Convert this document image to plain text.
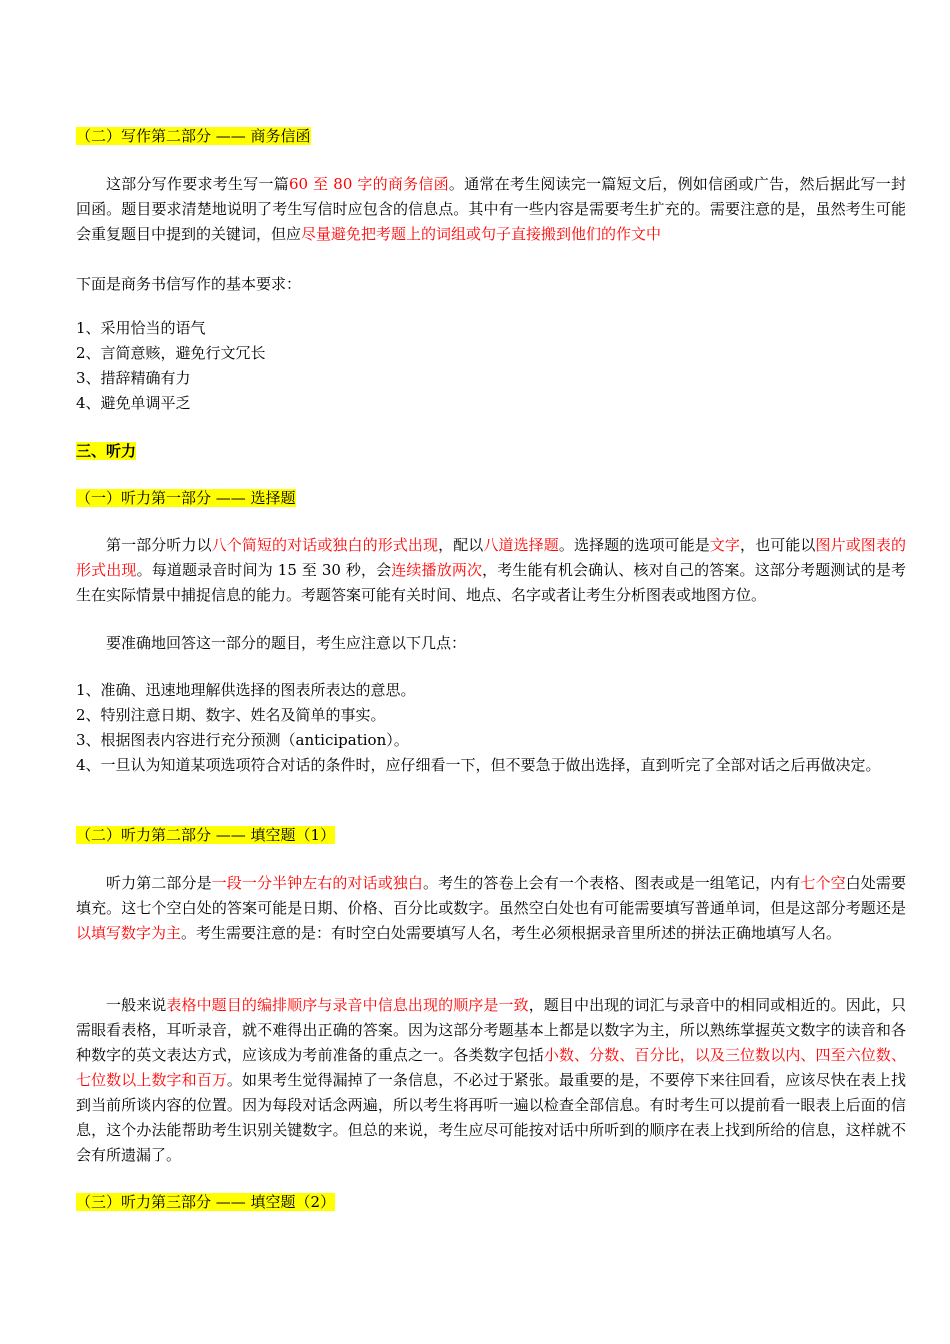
（二）写作第二部分 —— 商务信函

这部分写作要求考生写一篇60 至 80 字的商务信函。通常在考生阅读完一篇短文后，例如信函或广告，然后据此写一封回函。题目要求清楚地说明了考生写信时应包含的信息点。其中有一些内容是需要考生扩充的。需要注意的是，虽然考生可能会重复题目中提到的关键词，但应尽量避免把考题上的词组或句子直接搬到他们的作文中

下面是商务书信写作的基本要求：

1、采用恰当的语气
2、言简意赅，避免行文冗长
3、措辞精确有力
4、避免单调平乏

三、听力

（一）听力第一部分 —— 选择题

第一部分听力以八个简短的对话或独白的形式出现，配以八道选择题。选择题的选项可能是文字，也可能以图片或图表的形式出现。每道题录音时间为 15 至 30 秒，会连续播放两次，考生能有机会确认、核对自己的答案。这部分考题测试的是考生在实际情景中捕捉信息的能力。考题答案可能有关时间、地点、名字或者让考生分析图表或地图方位。

要准确地回答这一部分的题目，考生应注意以下几点：

1、准确、迅速地理解供选择的图表所表达的意思。
2、特别注意日期、数字、姓名及简单的事实。
3、根据图表内容进行充分预测（anticipation）。
4、一旦认为知道某项选项符合对话的条件时，应仔细看一下，但不要急于做出选择，直到听完了全部对话之后再做决定。

（二）听力第二部分 —— 填空题（1）

听力第二部分是一段一分半钟左右的对话或独白。考生的答卷上会有一个表格、图表或是一组笔记，内有七个空白处需要填充。这七个空白处的答案可能是日期、价格、百分比或数字。虽然空白处也有可能需要填写普通单词，但是这部分考题还是以填写数字为主。考生需要注意的是：有时空白处需要填写人名，考生必须根据录音里所述的拼法正确地填写人名。

一般来说表格中题目的编排顺序与录音中信息出现的顺序是一致，题目中出现的词汇与录音中的相同或相近的。因此，只需眼看表格，耳听录音，就不难得出正确的答案。因为这部分考题基本上都是以数字为主，所以熟练掌握英文数字的读音和各种数字的英文表达方式，应该成为考前准备的重点之一。各类数字包括小数、分数、百分比，以及三位数以内、四至六位数、七位数以上数字和百万。如果考生觉得漏掉了一条信息，不必过于紧张。最重要的是，不要停下来往回看，应该尽快在表上找到当前所谈内容的位置。因为每段对话念两遍，所以考生将再听一遍以检查全部信息。有时考生可以提前看一眼表上后面的信息，这个办法能帮助考生识别关键数字。但总的来说，考生应尽可能按对话中所听到的顺序在表上找到所给的信息，这样就不会有所遗漏了。

（三）听力第三部分 —— 填空题（2）
